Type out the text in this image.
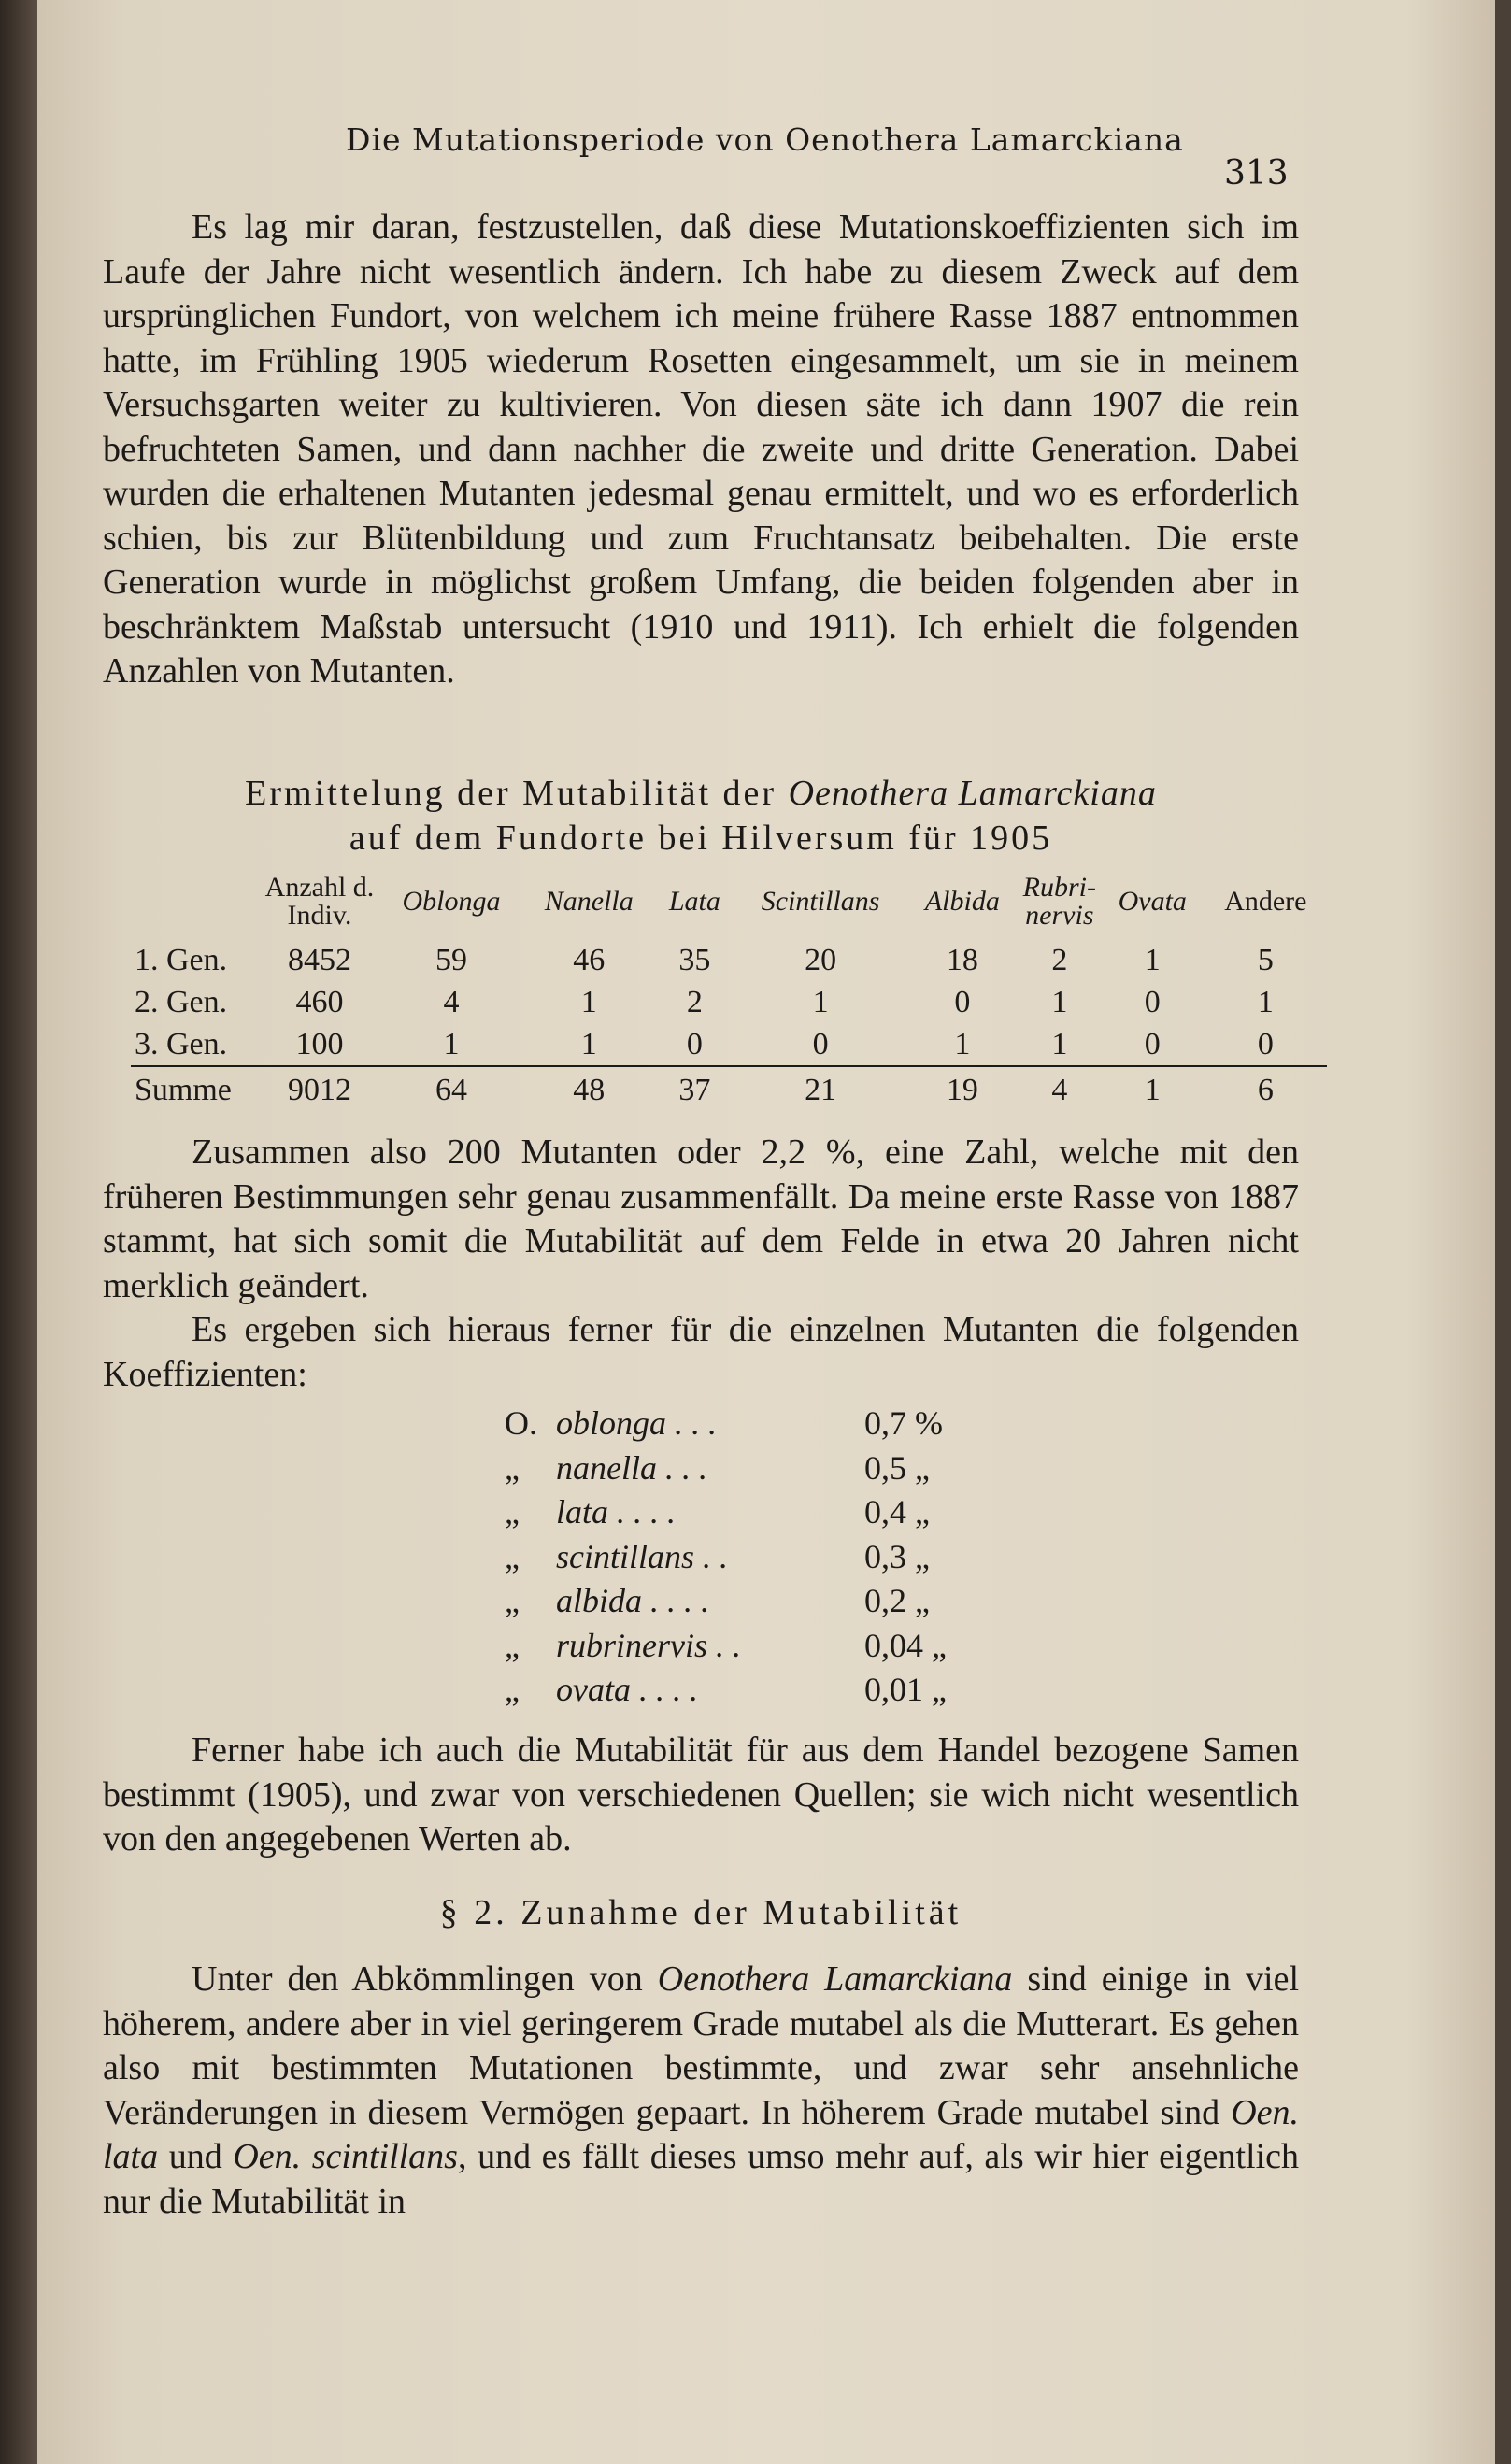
Die Mutationsperiode von Oenothera Lamarckiana
313

Es lag mir daran, festzustellen, daß diese Mutationskoeffizienten sich im Laufe der Jahre nicht wesentlich ändern. Ich habe zu diesem Zweck auf dem ursprünglichen Fundort, von welchem ich meine frühere Rasse 1887 entnommen hatte, im Frühling 1905 wiederum Rosetten eingesammelt, um sie in meinem Versuchsgarten weiter zu kultivieren. Von diesen säte ich dann 1907 die rein befruchteten Samen, und dann nachher die zweite und dritte Generation. Dabei wurden die erhaltenen Mutanten jedesmal genau ermittelt, und wo es erforderlich schien, bis zur Blütenbildung und zum Fruchtansatz beibehalten. Die erste Generation wurde in möglichst großem Umfang, die beiden folgenden aber in beschränktem Maßstab untersucht (1910 und 1911). Ich erhielt die folgenden Anzahlen von Mutanten.

Ermittelung der Mutabilität der Oenothera Lamarckiana
auf dem Fundorte bei Hilversum für 1905
	Anzahl d. Indiv.	Oblonga	Nanella	Lata	Scintillans	Albida	Rubri-nervis	Ovata	Andere
1. Gen.	8452	59	46	35	20	18	2	1	5
2. Gen.	460	4	1	2	1	0	1	0	1
3. Gen.	100	1	1	0	0	1	1	0	0
Summe	9012	64	48	37	21	19	4	1	6

Zusammen also 200 Mutanten oder 2,2 %, eine Zahl, welche mit den früheren Bestimmungen sehr genau zusammenfällt. Da meine erste Rasse von 1887 stammt, hat sich somit die Mutabilität auf dem Felde in etwa 20 Jahren nicht merklich geändert.

Es ergeben sich hieraus ferner für die einzelnen Mutanten die folgenden Koeffizienten:

O. oblonga . . .	0,7 %
„ nanella . . .	0,5 „
„ lata . . . .	0,4 „
„ scintillans . .	0,3 „
„ albida . . . .	0,2 „
„ rubrinervis . .	0,04 „
„ ovata . . . .	0,01 „

Ferner habe ich auch die Mutabilität für aus dem Handel bezogene Samen bestimmt (1905), und zwar von verschiedenen Quellen; sie wich nicht wesentlich von den angegebenen Werten ab.

§ 2. Zunahme der Mutabilität

Unter den Abkömmlingen von Oenothera Lamarckiana sind einige in viel höherem, andere aber in viel geringerem Grade mutabel als die Mutterart. Es gehen also mit bestimmten Mutationen bestimmte, und zwar sehr ansehnliche Veränderungen in diesem Vermögen gepaart. In höherem Grade mutabel sind Oen. lata und Oen. scintillans, und es fällt dieses umso mehr auf, als wir hier eigentlich nur die Mutabilität in
